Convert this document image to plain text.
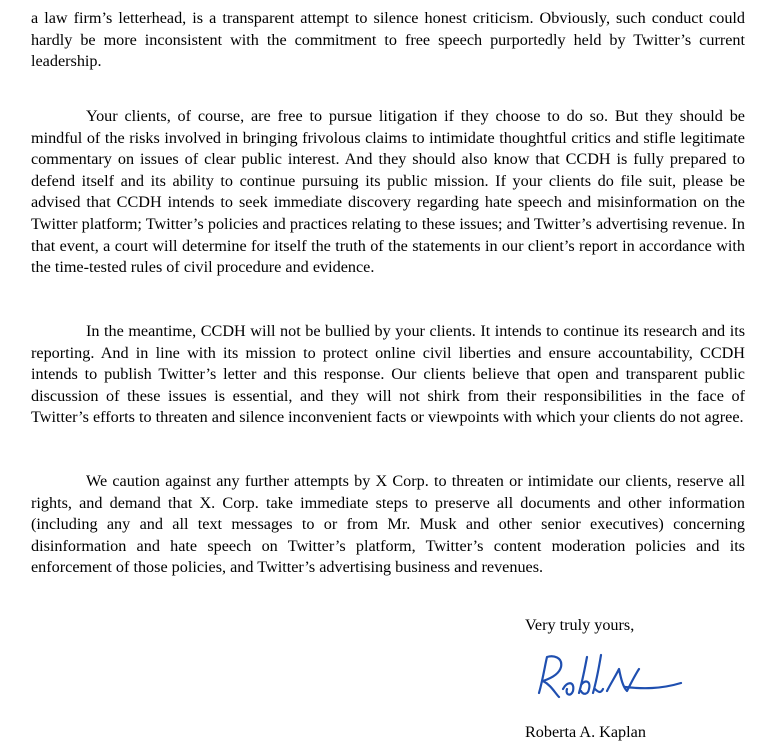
a law firm’s letterhead, is a transparent attempt to silence honest criticism. Obviously, such conduct could hardly be more inconsistent with the commitment to free speech purportedly held by Twitter’s current leadership.

Your clients, of course, are free to pursue litigation if they choose to do so. But they should be mindful of the risks involved in bringing frivolous claims to intimidate thoughtful critics and stifle legitimate commentary on issues of clear public interest. And they should also know that CCDH is fully prepared to defend itself and its ability to continue pursuing its public mission. If your clients do file suit, please be advised that CCDH intends to seek immediate discovery regarding hate speech and misinformation on the Twitter platform; Twitter’s policies and practices relating to these issues; and Twitter’s advertising revenue. In that event, a court will determine for itself the truth of the statements in our client’s report in accordance with the time-tested rules of civil procedure and evidence.

In the meantime, CCDH will not be bullied by your clients. It intends to continue its research and its reporting. And in line with its mission to protect online civil liberties and ensure accountability, CCDH intends to publish Twitter’s letter and this response. Our clients believe that open and transparent public discussion of these issues is essential, and they will not shirk from their responsibilities in the face of Twitter’s efforts to threaten and silence inconvenient facts or viewpoints with which your clients do not agree.

We caution against any further attempts by X Corp. to threaten or intimidate our clients, reserve all rights, and demand that X. Corp. take immediate steps to preserve all documents and other information (including any and all text messages to or from Mr. Musk and other senior executives) concerning disinformation and hate speech on Twitter’s platform, Twitter’s content moderation policies and its enforcement of those policies, and Twitter’s advertising business and revenues.

Very truly yours,
Roberta A. Kaplan
